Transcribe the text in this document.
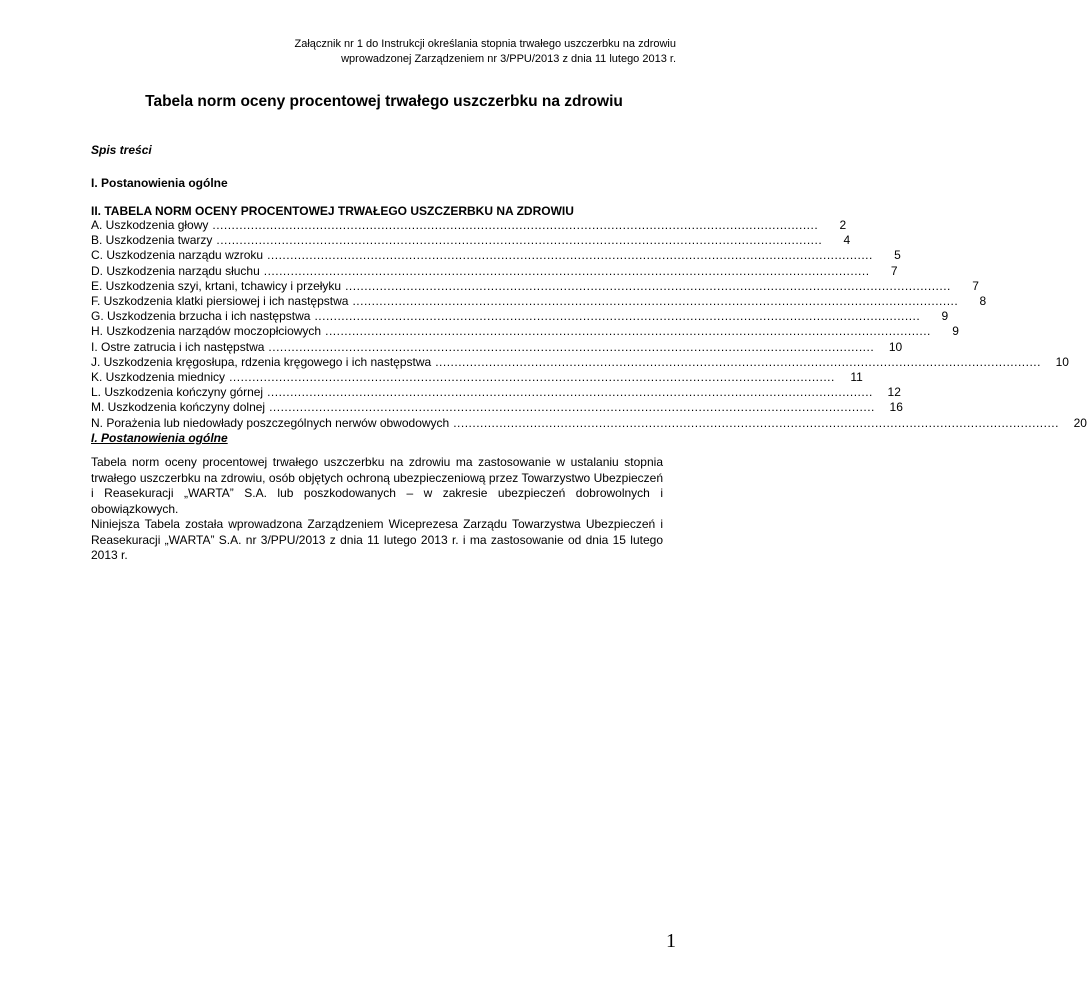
Załącznik nr 1 do Instrukcji określania stopnia trwałego uszczerbku na zdrowiu
wprowadzonej Zarządzeniem nr 3/PPU/2013 z dnia 11 lutego 2013 r.
Tabela norm oceny procentowej trwałego uszczerbku na zdrowiu
Spis treści
I. Postanowienia ogólne
II. TABELA NORM OCENY PROCENTOWEJ TRWAŁEGO USZCZERBKU NA ZDROWIU
A. Uszkodzenia głowy ..............................................................................................................................................................	2
B. Uszkodzenia twarzy ..............................................................................................................................................................	4
C. Uszkodzenia narządu wzroku ..............................................................................................................................................................	5
D. Uszkodzenia narządu słuchu ..............................................................................................................................................................	7
E. Uszkodzenia szyi, krtani, tchawicy i przełyku ..............................................................................................................................................................	7
F. Uszkodzenia klatki piersiowej i ich następstwa ..............................................................................................................................................................	8
G. Uszkodzenia brzucha i ich następstwa ..............................................................................................................................................................	9
H. Uszkodzenia narządów moczopłciowych ..............................................................................................................................................................	9
I. Ostre zatrucia i ich następstwa ..............................................................................................................................................................	10
J. Uszkodzenia kręgosłupa, rdzenia kręgowego i ich następstwa ..............................................................................................................................................................	10
K. Uszkodzenia miednicy ..............................................................................................................................................................	11
L. Uszkodzenia kończyny górnej ..............................................................................................................................................................	12
M. Uszkodzenia kończyny dolnej ..............................................................................................................................................................	16
N. Porażenia lub niedowłady poszczególnych nerwów obwodowych ..............................................................................................................................................................	20
I. Postanowienia ogólne

Tabela norm oceny procentowej trwałego uszczerbku na zdrowiu ma zastosowanie w ustalaniu stopnia trwałego uszczerbku na zdrowiu, osób objętych ochroną ubezpieczeniową przez Towarzystwo Ubezpieczeń i Reasekuracji „WARTA” S.A. lub poszkodowanych – w zakresie ubezpieczeń dobrowolnych i obowiązkowych.

Niniejsza Tabela została wprowadzona Zarządzeniem Wiceprezesa Zarządu Towarzystwa Ubezpieczeń i Reasekuracji „WARTA” S.A. nr 3/PPU/2013 z dnia 11 lutego 2013 r. i ma zastosowanie od dnia 15 lutego 2013 r.

1
